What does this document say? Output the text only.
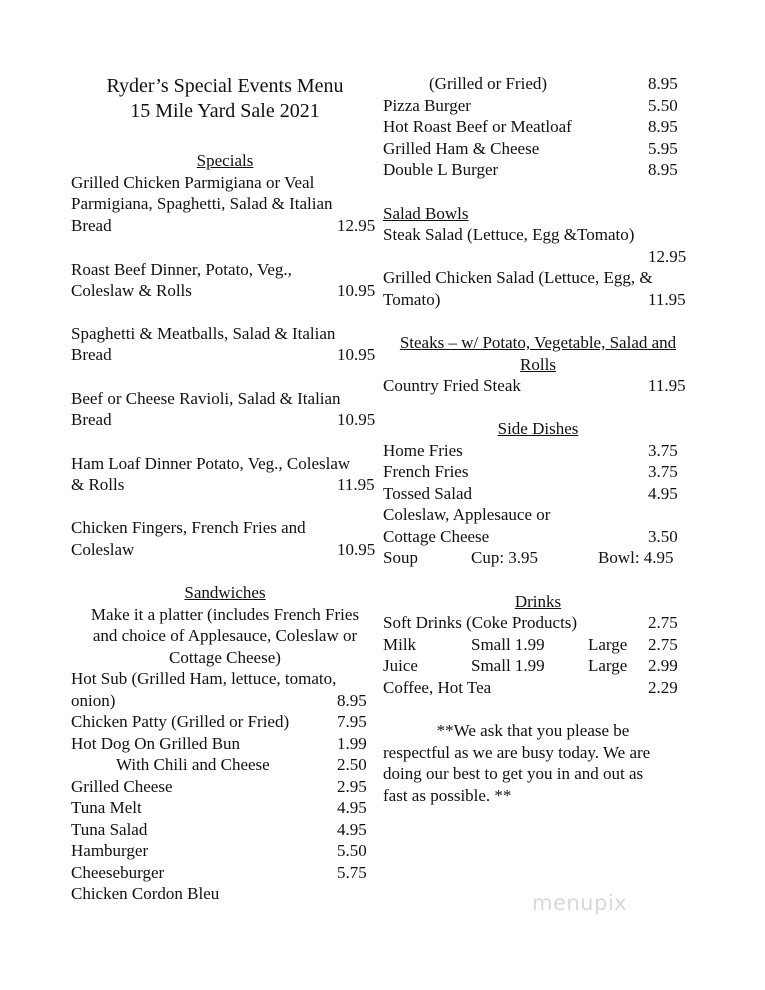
Ryder’s Special Events Menu
15 Mile Yard Sale 2021
Specials
Grilled Chicken Parmigiana or Veal
Parmigiana, Spaghetti, Salad & Italian
Bread	12.95
Roast Beef Dinner, Potato, Veg.,
Coleslaw & Rolls	10.95
Spaghetti & Meatballs, Salad & Italian
Bread	10.95
Beef or Cheese Ravioli, Salad & Italian
Bread	10.95
Ham Loaf Dinner Potato, Veg., Coleslaw
& Rolls	11.95
Chicken Fingers, French Fries and
Coleslaw	10.95
Sandwiches
Make it a platter (includes French Fries
and choice of Applesauce, Coleslaw or
Cottage Cheese)
Hot Sub (Grilled Ham, lettuce, tomato,
onion)	8.95
Chicken Patty (Grilled or Fried)	7.95
Hot Dog On Grilled Bun	1.99
With Chili and Cheese	2.50
Grilled Cheese	2.95
Tuna Melt	4.95
Tuna Salad	4.95
Hamburger	5.50
Cheeseburger	5.75
Chicken Cordon Bleu
(Grilled or Fried)	8.95
Pizza Burger	5.50
Hot Roast Beef or Meatloaf	8.95
Grilled Ham & Cheese	5.95
Double L Burger	8.95
Salad Bowls
Steak Salad (Lettuce, Egg &Tomato)
12.95
Grilled Chicken Salad (Lettuce, Egg, &
Tomato)	11.95
Steaks – w/ Potato, Vegetable, Salad and
Rolls
Country Fried Steak	11.95
Side Dishes
Home Fries	3.75
French Fries	3.75
Tossed Salad	4.95
Coleslaw, Applesauce or
Cottage Cheese	3.50
Soup	Cup: 3.95	Bowl: 4.95
Drinks
Soft Drinks (Coke Products)	2.75
Milk	Small 1.99	Large 2.75
Juice	Small 1.99	Large 2.99
Coffee, Hot Tea	2.29
**We ask that you please be
respectful as we are busy today. We are
doing our best to get you in and out as
fast as possible. **
menupix
